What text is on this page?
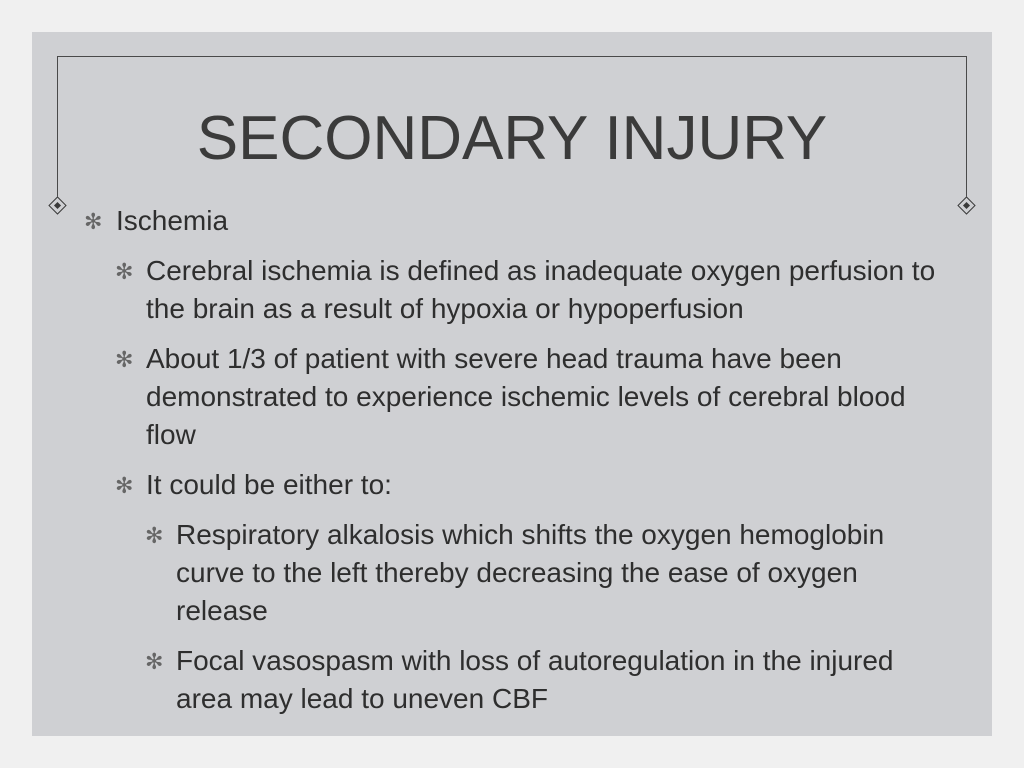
SECONDARY INJURY
✻ Ischemia
✻ Cerebral ischemia is defined as inadequate oxygen perfusion to the brain as a result of hypoxia or hypoperfusion
✻ About 1/3 of patient with severe head trauma have been demonstrated to experience ischemic levels of cerebral blood flow
✻ It could be either to:
✻ Respiratory alkalosis which shifts the oxygen hemoglobin curve to the left thereby decreasing the ease of oxygen release
✻ Focal vasospasm with loss of autoregulation in the injured area may lead to uneven CBF
